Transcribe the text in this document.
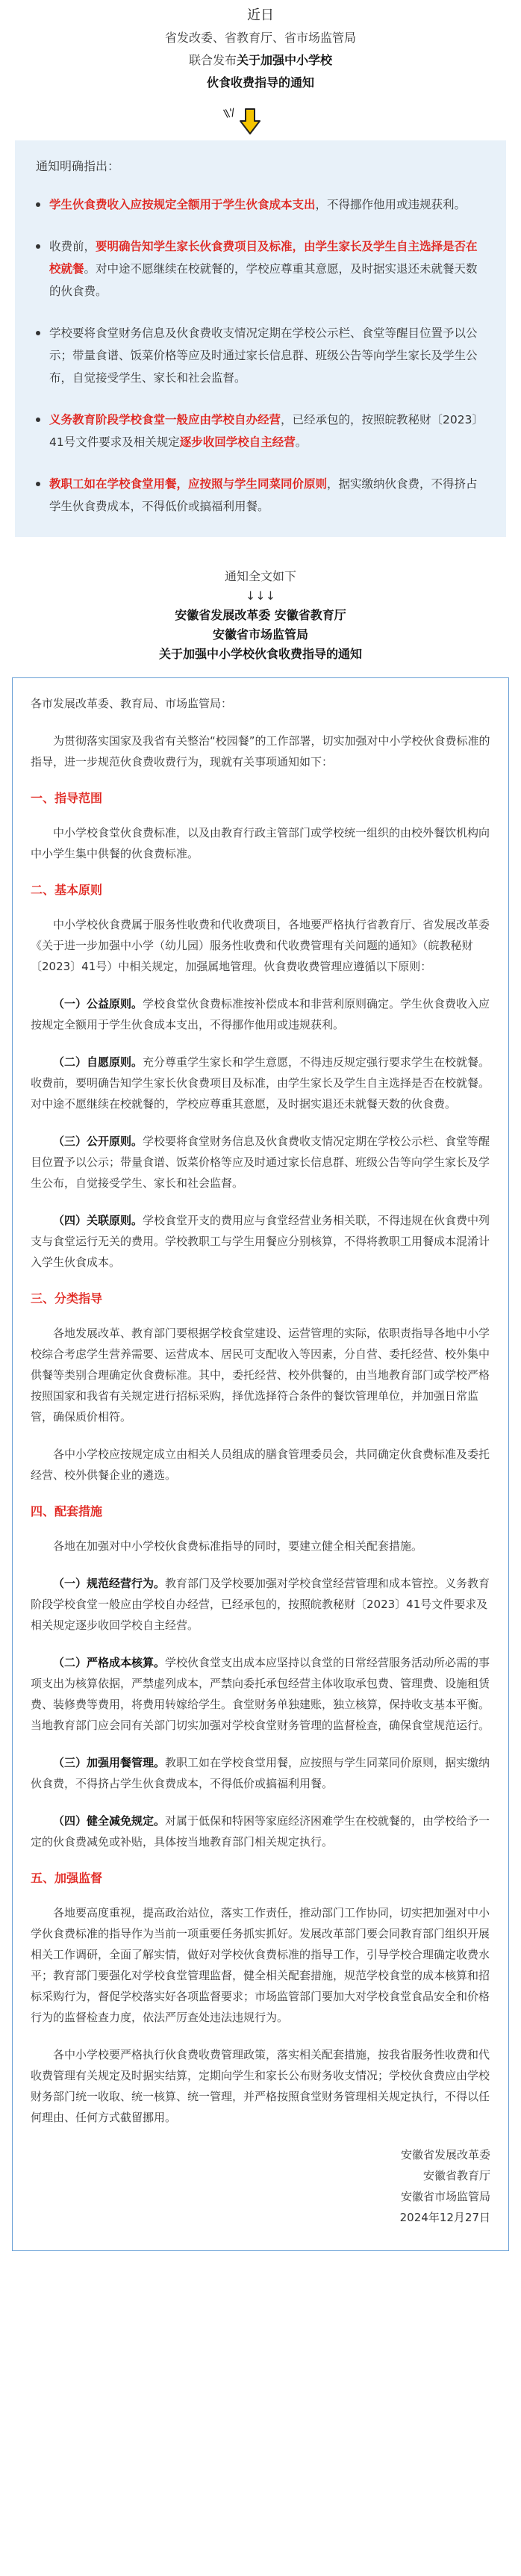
近日
省发改委、省教育厅、省市场监管局
联合发布关于加强中小学校
伙食收费指导的通知
\\ '/
通知明确指出：
学生伙食费收入应按规定全额用于学生伙食成本支出，不得挪作他用或违规获利。
收费前，要明确告知学生家长伙食费项目及标准，由学生家长及学生自主选择是否在校就餐。对中途不愿继续在校就餐的，学校应尊重其意愿，及时据实退还未就餐天数的伙食费。
学校要将食堂财务信息及伙食费收支情况定期在学校公示栏、食堂等醒目位置予以公示；带量食谱、饭菜价格等应及时通过家长信息群、班级公告等向学生家长及学生公布，自觉接受学生、家长和社会监督。
义务教育阶段学校食堂一般应由学校自办经营，已经承包的，按照皖教秘财〔2023〕41号文件要求及相关规定逐步收回学校自主经营。
教职工如在学校食堂用餐，应按照与学生同菜同价原则，据实缴纳伙食费，不得挤占学生伙食费成本，不得低价或搞福利用餐。
通知全文如下
↓↓↓
安徽省发展改革委 安徽省教育厅
安徽省市场监管局
关于加强中小学校伙食收费指导的通知

各市发展改革委、教育局、市场监管局：

为贯彻落实国家及我省有关整治“校园餐”的工作部署，切实加强对中小学校伙食费标准的指导，进一步规范伙食费收费行为，现就有关事项通知如下：

一、指导范围

中小学校食堂伙食费标准，以及由教育行政主管部门或学校统一组织的由校外餐饮机构向中小学生集中供餐的伙食费标准。

二、基本原则

中小学校伙食费属于服务性收费和代收费项目，各地要严格执行省教育厅、省发展改革委《关于进一步加强中小学（幼儿园）服务性收费和代收费管理有关问题的通知》（皖教秘财〔2023〕41号）中相关规定，加强属地管理。伙食费收费管理应遵循以下原则：

（一）公益原则。学校食堂伙食费标准按补偿成本和非营利原则确定。学生伙食费收入应按规定全额用于学生伙食成本支出，不得挪作他用或违规获利。

（二）自愿原则。充分尊重学生家长和学生意愿，不得违反规定强行要求学生在校就餐。收费前，要明确告知学生家长伙食费项目及标准，由学生家长及学生自主选择是否在校就餐。对中途不愿继续在校就餐的，学校应尊重其意愿，及时据实退还未就餐天数的伙食费。

（三）公开原则。学校要将食堂财务信息及伙食费收支情况定期在学校公示栏、食堂等醒目位置予以公示；带量食谱、饭菜价格等应及时通过家长信息群、班级公告等向学生家长及学生公布，自觉接受学生、家长和社会监督。

（四）关联原则。学校食堂开支的费用应与食堂经营业务相关联，不得违规在伙食费中列支与食堂运行无关的费用。学校教职工与学生用餐应分别核算，不得将教职工用餐成本混淆计入学生伙食成本。

三、分类指导

各地发展改革、教育部门要根据学校食堂建设、运营管理的实际，依职责指导各地中小学校综合考虑学生营养需要、运营成本、居民可支配收入等因素，分自营、委托经营、校外集中供餐等类别合理确定伙食费标准。其中，委托经营、校外供餐的，由当地教育部门或学校严格按照国家和我省有关规定进行招标采购，择优选择符合条件的餐饮管理单位，并加强日常监管，确保质价相符。

各中小学校应按规定成立由相关人员组成的膳食管理委员会，共同确定伙食费标准及委托经营、校外供餐企业的遴选。

四、配套措施

各地在加强对中小学校伙食费标准指导的同时，要建立健全相关配套措施。

（一）规范经营行为。教育部门及学校要加强对学校食堂经营管理和成本管控。义务教育阶段学校食堂一般应由学校自办经营，已经承包的，按照皖教秘财〔2023〕41号文件要求及相关规定逐步收回学校自主经营。

（二）严格成本核算。学校伙食堂支出成本应坚持以食堂的日常经营服务活动所必需的事项支出为核算依据，严禁虚列成本，严禁向委托承包经营主体收取承包费、管理费、设施租赁费、装修费等费用，将费用转嫁给学生。食堂财务单独建账，独立核算，保持收支基本平衡。当地教育部门应会同有关部门切实加强对学校食堂财务管理的监督检查，确保食堂规范运行。

（三）加强用餐管理。教职工如在学校食堂用餐，应按照与学生同菜同价原则，据实缴纳伙食费，不得挤占学生伙食费成本，不得低价或搞福利用餐。

（四）健全减免规定。对属于低保和特困等家庭经济困难学生在校就餐的，由学校给予一定的伙食费减免或补贴，具体按当地教育部门相关规定执行。

五、加强监督

各地要高度重视，提高政治站位，落实工作责任，推动部门工作协同，切实把加强对中小学伙食费标准的指导作为当前一项重要任务抓实抓好。发展改革部门要会同教育部门组织开展相关工作调研，全面了解实情，做好对学校伙食费标准的指导工作，引导学校合理确定收费水平；教育部门要强化对学校食堂管理监督，健全相关配套措施，规范学校食堂的成本核算和招标采购行为，督促学校落实好各项监督要求；市场监管部门要加大对学校食堂食品安全和价格行为的监督检查力度，依法严厉查处违法违规行为。

各中小学校要严格执行伙食费收费管理政策，落实相关配套措施，按我省服务性收费和代收费管理有关规定及时据实结算，定期向学生和家长公布财务收支情况；学校伙食费应由学校财务部门统一收取、统一核算、统一管理，并严格按照食堂财务管理相关规定执行，不得以任何理由、任何方式截留挪用。

安徽省发展改革委
安徽省教育厅
安徽省市场监管局
2024年12月27日
